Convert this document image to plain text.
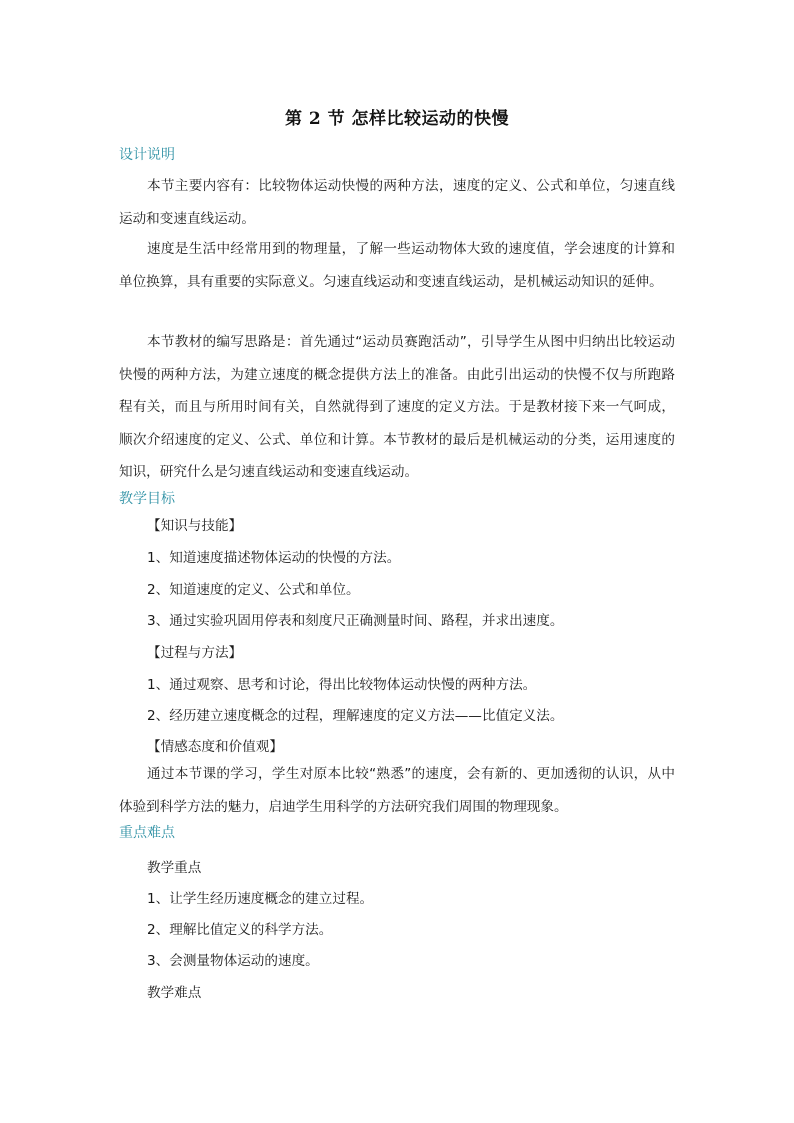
第 2 节 怎样比较运动的快慢
设计说明
本节主要内容有：比较物体运动快慢的两种方法，速度的定义、公式和单位，匀速直线运动和变速直线运动。
速度是生活中经常用到的物理量，了解一些运动物体大致的速度值，学会速度的计算和单位换算，具有重要的实际意义。匀速直线运动和变速直线运动，是机械运动知识的延伸。
本节教材的编写思路是：首先通过“运动员赛跑活动”，引导学生从图中归纳出比较运动快慢的两种方法，为建立速度的概念提供方法上的准备。由此引出运动的快慢不仅与所跑路程有关，而且与所用时间有关，自然就得到了速度的定义方法。于是教材接下来一气呵成，顺次介绍速度的定义、公式、单位和计算。本节教材的最后是机械运动的分类，运用速度的知识，研究什么是匀速直线运动和变速直线运动。
教学目标
【知识与技能】
1、知道速度描述物体运动的快慢的方法。
2、知道速度的定义、公式和单位。
3、通过实验巩固用停表和刻度尺正确测量时间、路程，并求出速度。
【过程与方法】
1、通过观察、思考和讨论，得出比较物体运动快慢的两种方法。
2、经历建立速度概念的过程，理解速度的定义方法——比值定义法。
【情感态度和价值观】
通过本节课的学习，学生对原本比较“熟悉”的速度，会有新的、更加透彻的认识，从中体验到科学方法的魅力，启迪学生用科学的方法研究我们周围的物理现象。
重点难点
教学重点
1、让学生经历速度概念的建立过程。
2、理解比值定义的科学方法。
3、会测量物体运动的速度。
教学难点
